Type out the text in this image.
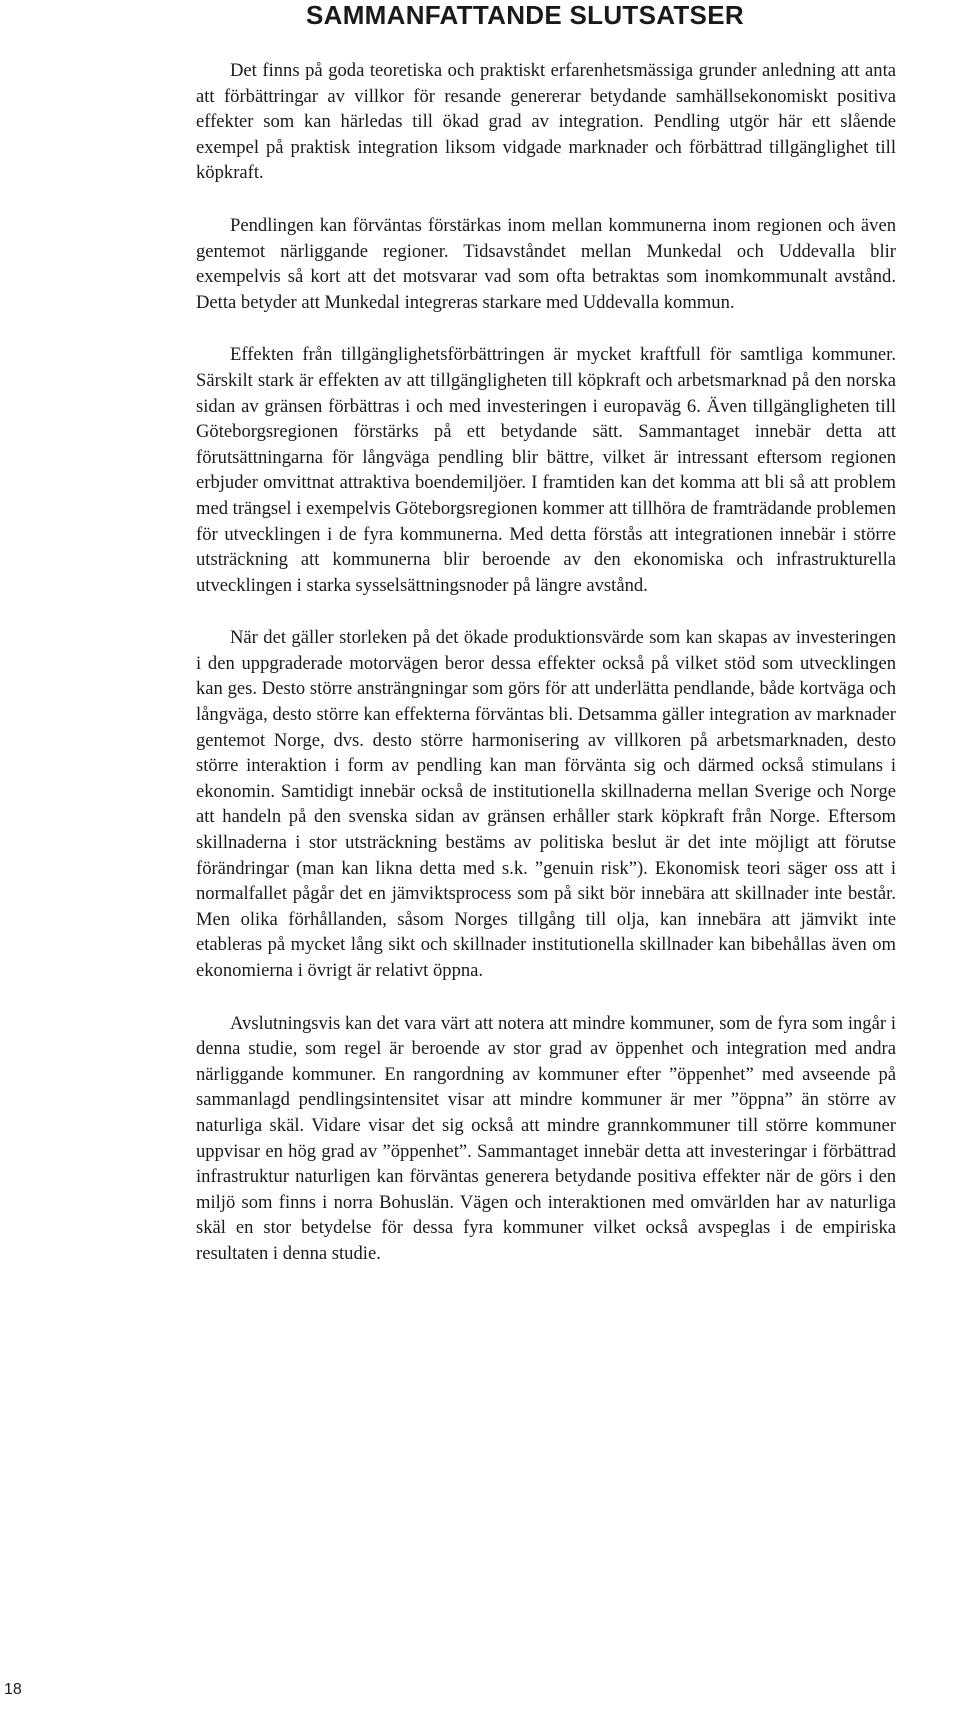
SAMMANFATTANDE SLUTSATSER

Det finns på goda teoretiska och praktiskt erfarenhetsmässiga grunder anledning att anta att förbättringar av villkor för resande genererar betydande samhällsekonomiskt positiva effekter som kan härledas till ökad grad av integration. Pendling utgör här ett slående exempel på praktisk integration liksom vidgade marknader och förbättrad tillgänglighet till köpkraft.

Pendlingen kan förväntas förstärkas inom mellan kommunerna inom regionen och även gentemot närliggande regioner. Tidsavståndet mellan Munkedal och Uddevalla blir exempelvis så kort att det motsvarar vad som ofta betraktas som inomkommunalt avstånd. Detta betyder att Munkedal integreras starkare med Uddevalla kommun.

Effekten från tillgänglighetsförbättringen är mycket kraftfull för samtliga kommuner. Särskilt stark är effekten av att tillgängligheten till köpkraft och arbetsmarknad på den norska sidan av gränsen förbättras i och med investeringen i europaväg 6. Även tillgängligheten till Göteborgsregionen förstärks på ett betydande sätt. Sammantaget innebär detta att förutsättningarna för långväga pendling blir bättre, vilket är intressant eftersom regionen erbjuder omvittnat attraktiva boendemiljöer. I framtiden kan det komma att bli så att problem med trängsel i exempelvis Göteborgsregionen kommer att tillhöra de framträdande problemen för utvecklingen i de fyra kommunerna. Med detta förstås att integrationen innebär i större utsträckning att kommunerna blir beroende av den ekonomiska och infrastrukturella utvecklingen i starka sysselsättningsnoder på längre avstånd.

När det gäller storleken på det ökade produktionsvärde som kan skapas av investeringen i den uppgraderade motorvägen beror dessa effekter också på vilket stöd som utvecklingen kan ges. Desto större ansträngningar som görs för att underlätta pendlande, både kortväga och långväga, desto större kan effekterna förväntas bli. Detsamma gäller integration av marknader gentemot Norge, dvs. desto större harmonisering av villkoren på arbetsmarknaden, desto större interaktion i form av pendling kan man förvänta sig och därmed också stimulans i ekonomin. Samtidigt innebär också de institutionella skillnaderna mellan Sverige och Norge att handeln på den svenska sidan av gränsen erhåller stark köpkraft från Norge. Eftersom skillnaderna i stor utsträckning bestäms av politiska beslut är det inte möjligt att förutse förändringar (man kan likna detta med s.k. ”genuin risk”). Ekonomisk teori säger oss att i normalfallet pågår det en jämviktsprocess som på sikt bör innebära att skillnader inte består. Men olika förhållanden, såsom Norges tillgång till olja, kan innebära att jämvikt inte etableras på mycket lång sikt och skillnader institutionella skillnader kan bibehållas även om ekonomierna i övrigt är relativt öppna.

Avslutningsvis kan det vara värt att notera att mindre kommuner, som de fyra som ingår i denna studie, som regel är beroende av stor grad av öppenhet och integration med andra närliggande kommuner. En rangordning av kommuner efter ”öppenhet” med avseende på sammanlagd pendlingsintensitet visar att mindre kommuner är mer ”öppna” än större av naturliga skäl. Vidare visar det sig också att mindre grannkommuner till större kommuner uppvisar en hög grad av ”öppenhet”. Sammantaget innebär detta att investeringar i förbättrad infrastruktur naturligen kan förväntas generera betydande positiva effekter när de görs i den miljö som finns i norra Bohuslän. Vägen och interaktionen med omvärlden har av naturliga skäl en stor betydelse för dessa fyra kommuner vilket också avspeglas i de empiriska resultaten i denna studie.

18
